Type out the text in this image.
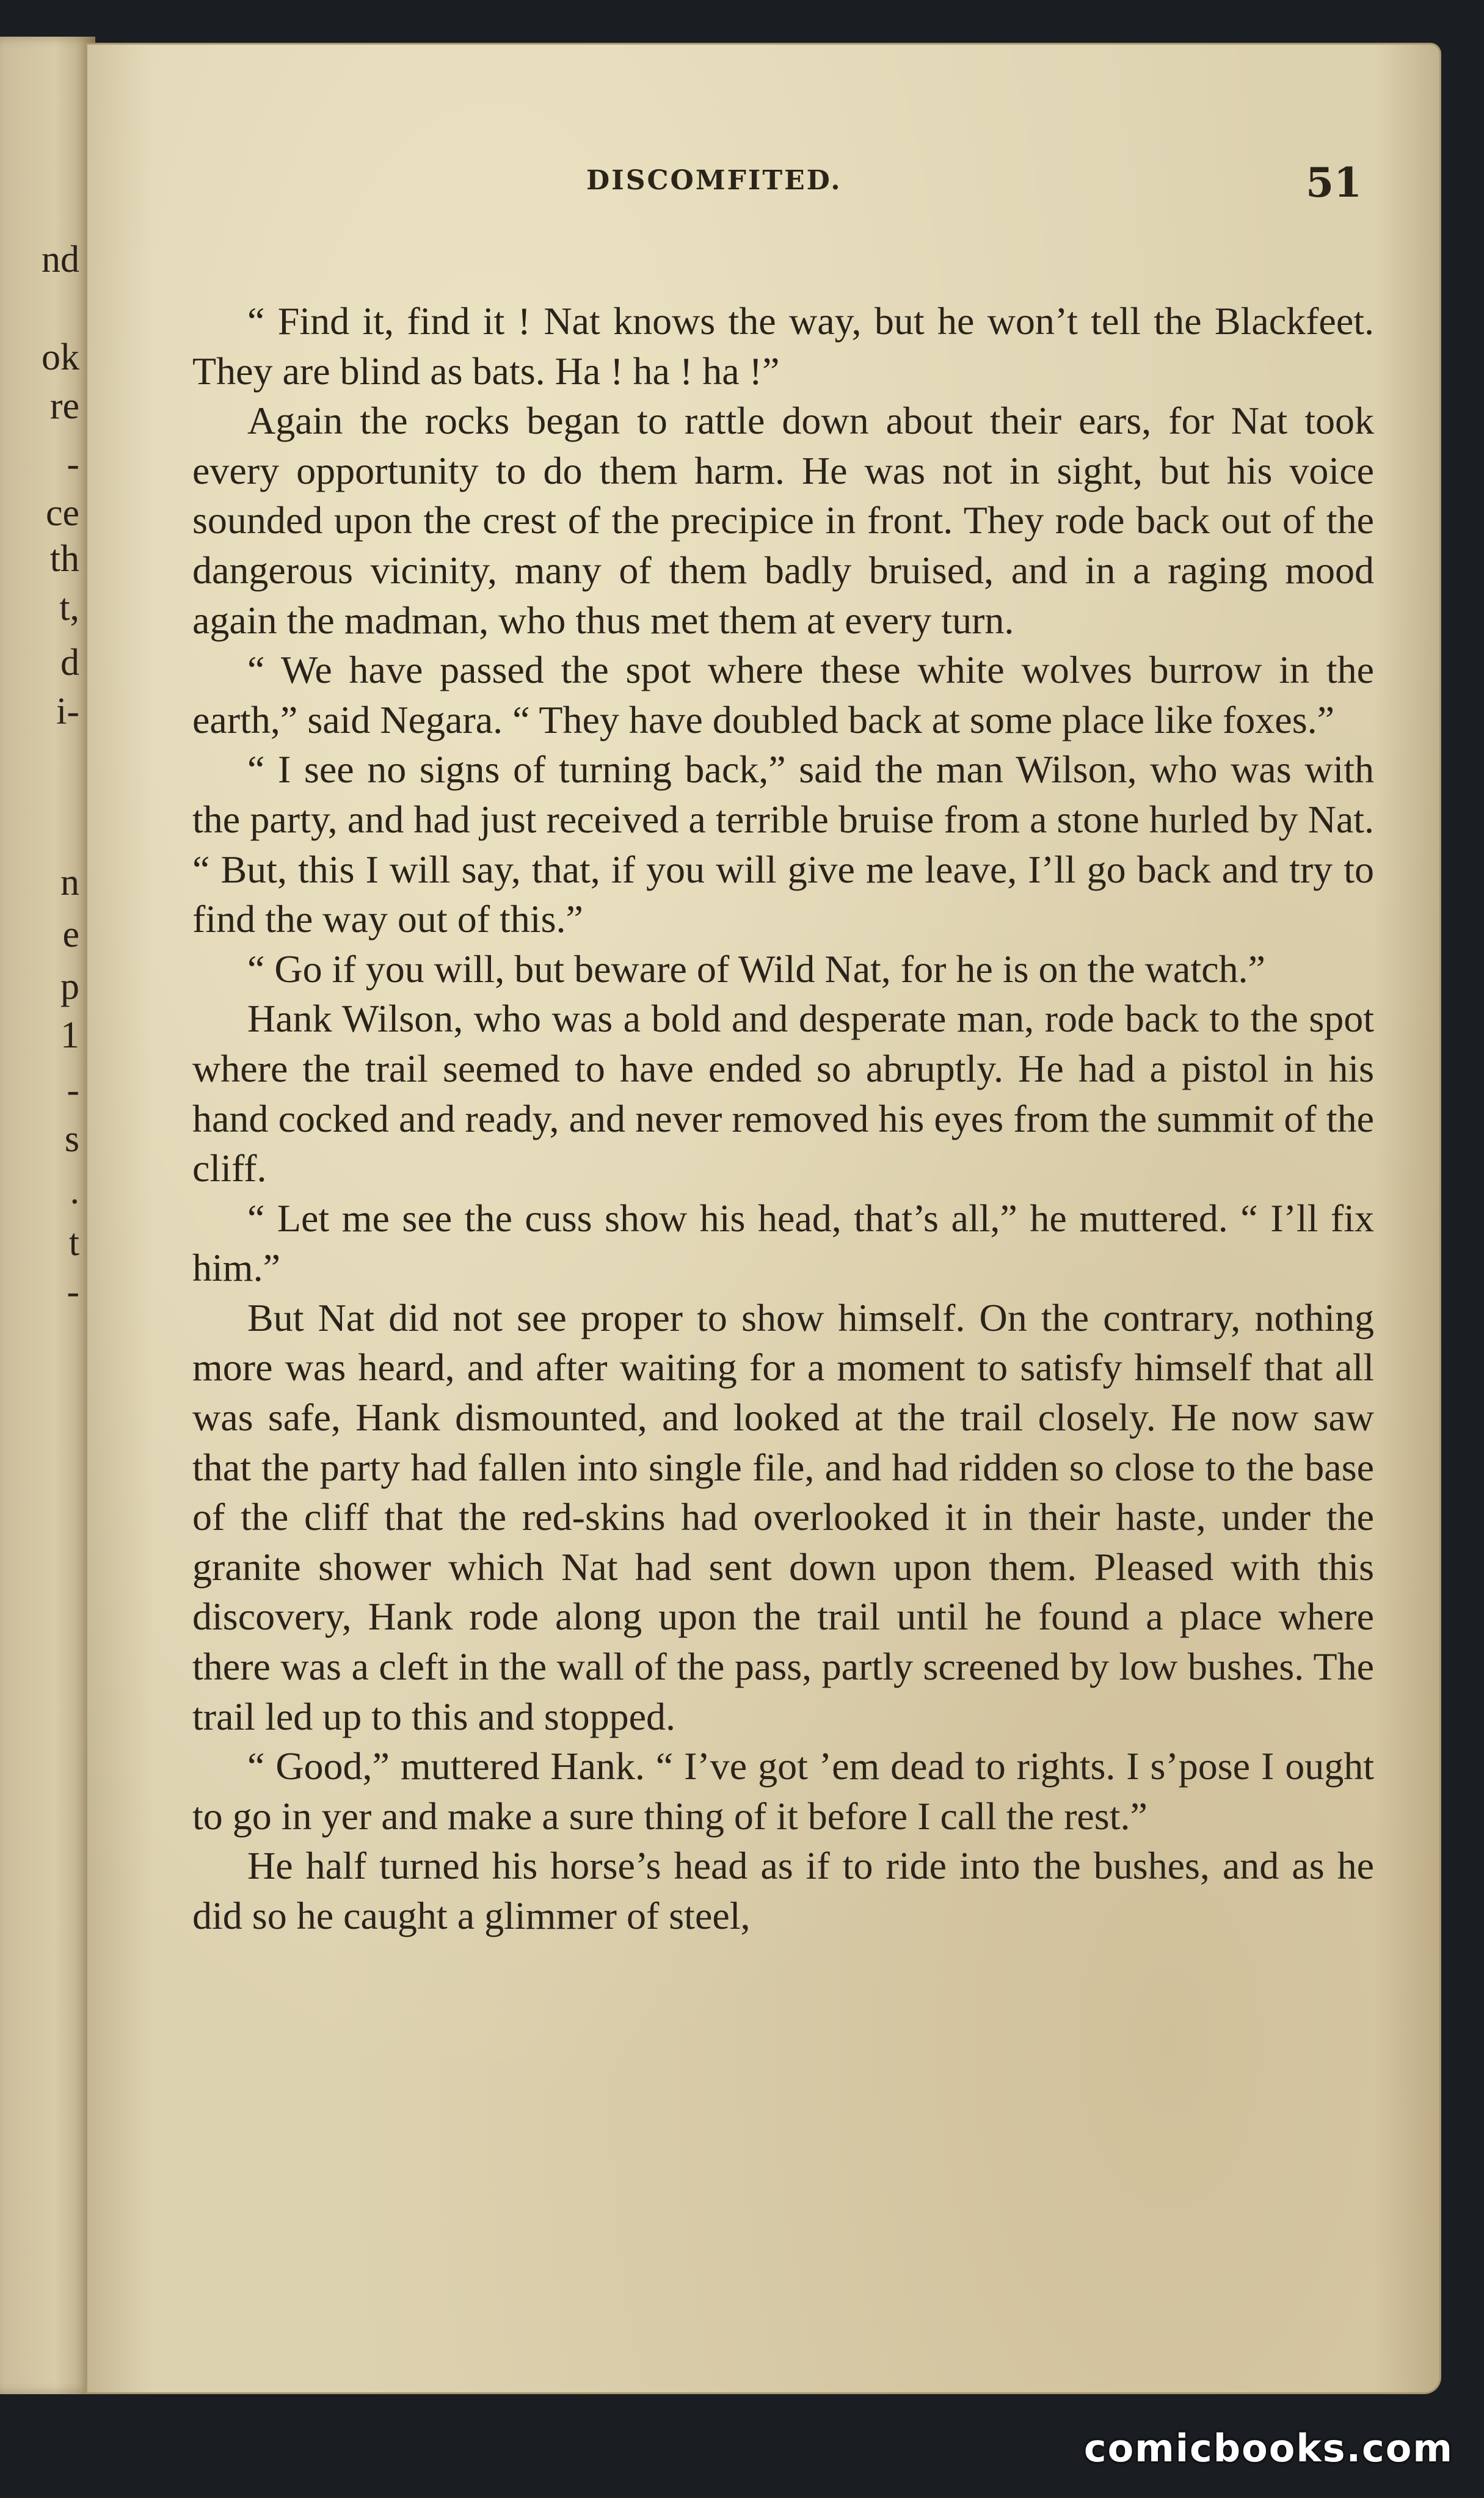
nd
ok
re
-
ce
th
t,
d
i-
n
e
p
1
-
s
.
t
-
DISCOMFITED.	51

“ Find it, find it ! Nat knows the way, but he won’t tell the Blackfeet. They are blind as bats. Ha ! ha ! ha !”

Again the rocks began to rattle down about their ears, for Nat took every opportunity to do them harm. He was not in sight, but his voice sounded upon the crest of the precipice in front. They rode back out of the dangerous vicinity, many of them badly bruised, and in a raging mood again the madman, who thus met them at every turn.

“ We have passed the spot where these white wolves burrow in the earth,” said Negara. “ They have doubled back at some place like foxes.”

“ I see no signs of turning back,” said the man Wilson, who was with the party, and had just received a terrible bruise from a stone hurled by Nat. “ But, this I will say, that, if you will give me leave, I’ll go back and try to find the way out of this.”

“ Go if you will, but beware of Wild Nat, for he is on the watch.”

Hank Wilson, who was a bold and desperate man, rode back to the spot where the trail seemed to have ended so abruptly. He had a pistol in his hand cocked and ready, and never removed his eyes from the summit of the cliff.

“ Let me see the cuss show his head, that’s all,” he muttered. “ I’ll fix him.”

But Nat did not see proper to show himself. On the contrary, nothing more was heard, and after waiting for a moment to satisfy himself that all was safe, Hank dismounted, and looked at the trail closely. He now saw that the party had fallen into single file, and had ridden so close to the base of the cliff that the red-skins had overlooked it in their haste, under the granite shower which Nat had sent down upon them. Pleased with this discovery, Hank rode along upon the trail until he found a place where there was a cleft in the wall of the pass, partly screened by low bushes. The trail led up to this and stopped.

“ Good,” muttered Hank. “ I’ve got ’em dead to rights. I s’pose I ought to go in yer and make a sure thing of it before I call the rest.”

He half turned his horse’s head as if to ride into the bushes, and as he did so he caught a glimmer of steel,

comicbooks.com
